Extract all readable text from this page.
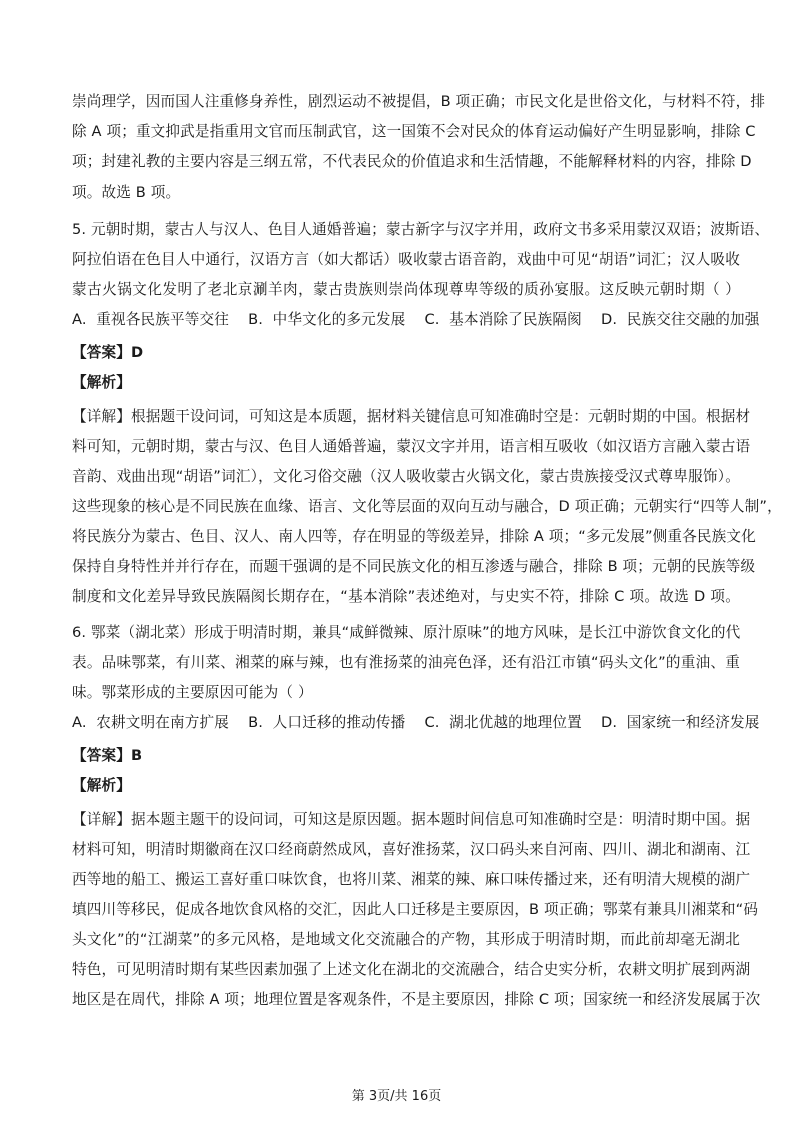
崇尚理学，因而国人注重修身养性，剧烈运动不被提倡，B 项正确；市民文化是世俗文化，与材料不符，排
除 A 项；重文抑武是指重用文官而压制武官，这一国策不会对民众的体育运动偏好产生明显影响，排除 C
项；封建礼教的主要内容是三纲五常，不代表民众的价值追求和生活情趣，不能解释材料的内容，排除 D
项。故选 B 项。
5. 元朝时期，蒙古人与汉人、色目人通婚普遍；蒙古新字与汉字并用，政府文书多采用蒙汉双语；波斯语、
阿拉伯语在色目人中通行，汉语方言（如大都话）吸收蒙古语音韵，戏曲中可见“胡语”词汇；汉人吸收
蒙古火锅文化发明了老北京涮羊肉，蒙古贵族则崇尚体现尊卑等级的质孙宴服。这反映元朝时期（ ）
A.  重视各民族平等交往    B.  中华文化的多元发展    C.  基本消除了民族隔阂    D.  民族交往交融的加强
【答案】D
【解析】
【详解】根据题干设问词，可知这是本质题，据材料关键信息可知准确时空是：元朝时期的中国。根据材
料可知，元朝时期，蒙古与汉、色目人通婚普遍，蒙汉文字并用，语言相互吸收（如汉语方言融入蒙古语
音韵、戏曲出现“胡语”词汇），文化习俗交融（汉人吸收蒙古火锅文化，蒙古贵族接受汉式尊卑服饰）。
这些现象的核心是不同民族在血缘、语言、文化等层面的双向互动与融合，D 项正确；元朝实行“四等人制”，
将民族分为蒙古、色目、汉人、南人四等，存在明显的等级差异，排除 A 项；“多元发展”侧重各民族文化
保持自身特性并并行存在，而题干强调的是不同民族文化的相互渗透与融合，排除 B 项；元朝的民族等级
制度和文化差异导致民族隔阂长期存在，“基本消除”表述绝对，与史实不符，排除 C 项。故选 D 项。
6. 鄂菜（湖北菜）形成于明清时期，兼具“咸鲜微辣、原汁原味”的地方风味，是长江中游饮食文化的代
表。品味鄂菜，有川菜、湘菜的麻与辣，也有淮扬菜的油亮色泽，还有沿江市镇“码头文化”的重油、重
味。鄂菜形成的主要原因可能为（ ）
A.  农耕文明在南方扩展    B.  人口迁移的推动传播    C.  湖北优越的地理位置    D.  国家统一和经济发展
【答案】B
【解析】
【详解】据本题主题干的设问词，可知这是原因题。据本题时间信息可知准确时空是：明清时期中国。据
材料可知，明清时期徽商在汉口经商蔚然成风，喜好淮扬菜，汉口码头来自河南、四川、湖北和湖南、江
西等地的船工、搬运工喜好重口味饮食，也将川菜、湘菜的辣、麻口味传播过来，还有明清大规模的湖广
填四川等移民，促成各地饮食风格的交汇，因此人口迁移是主要原因，B 项正确；鄂菜有兼具川湘菜和“码
头文化”的“江湖菜”的多元风格，是地域文化交流融合的产物，其形成于明清时期，而此前却毫无湖北
特色，可见明清时期有某些因素加强了上述文化在湖北的交流融合，结合史实分析，农耕文明扩展到两湖
地区是在周代，排除 A 项；地理位置是客观条件，不是主要原因，排除 C 项；国家统一和经济发展属于次
第 3页/共 16页
